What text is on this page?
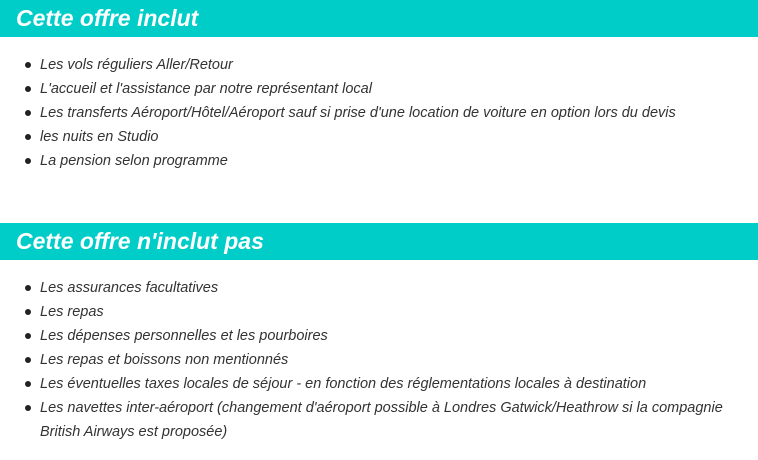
Cette offre inclut
Les vols réguliers Aller/Retour
L'accueil et l'assistance par notre représentant local
Les transferts Aéroport/Hôtel/Aéroport sauf si prise d'une location de voiture en option lors du devis
les nuits en Studio
La pension selon programme
Cette offre n'inclut pas
Les assurances facultatives
Les repas
Les dépenses personnelles et les pourboires
Les repas et boissons non mentionnés
Les éventuelles taxes locales de séjour - en fonction des réglementations locales à destination
Les navettes inter-aéroport (changement d'aéroport possible à Londres Gatwick/Heathrow si la compagnie British Airways est proposée)
